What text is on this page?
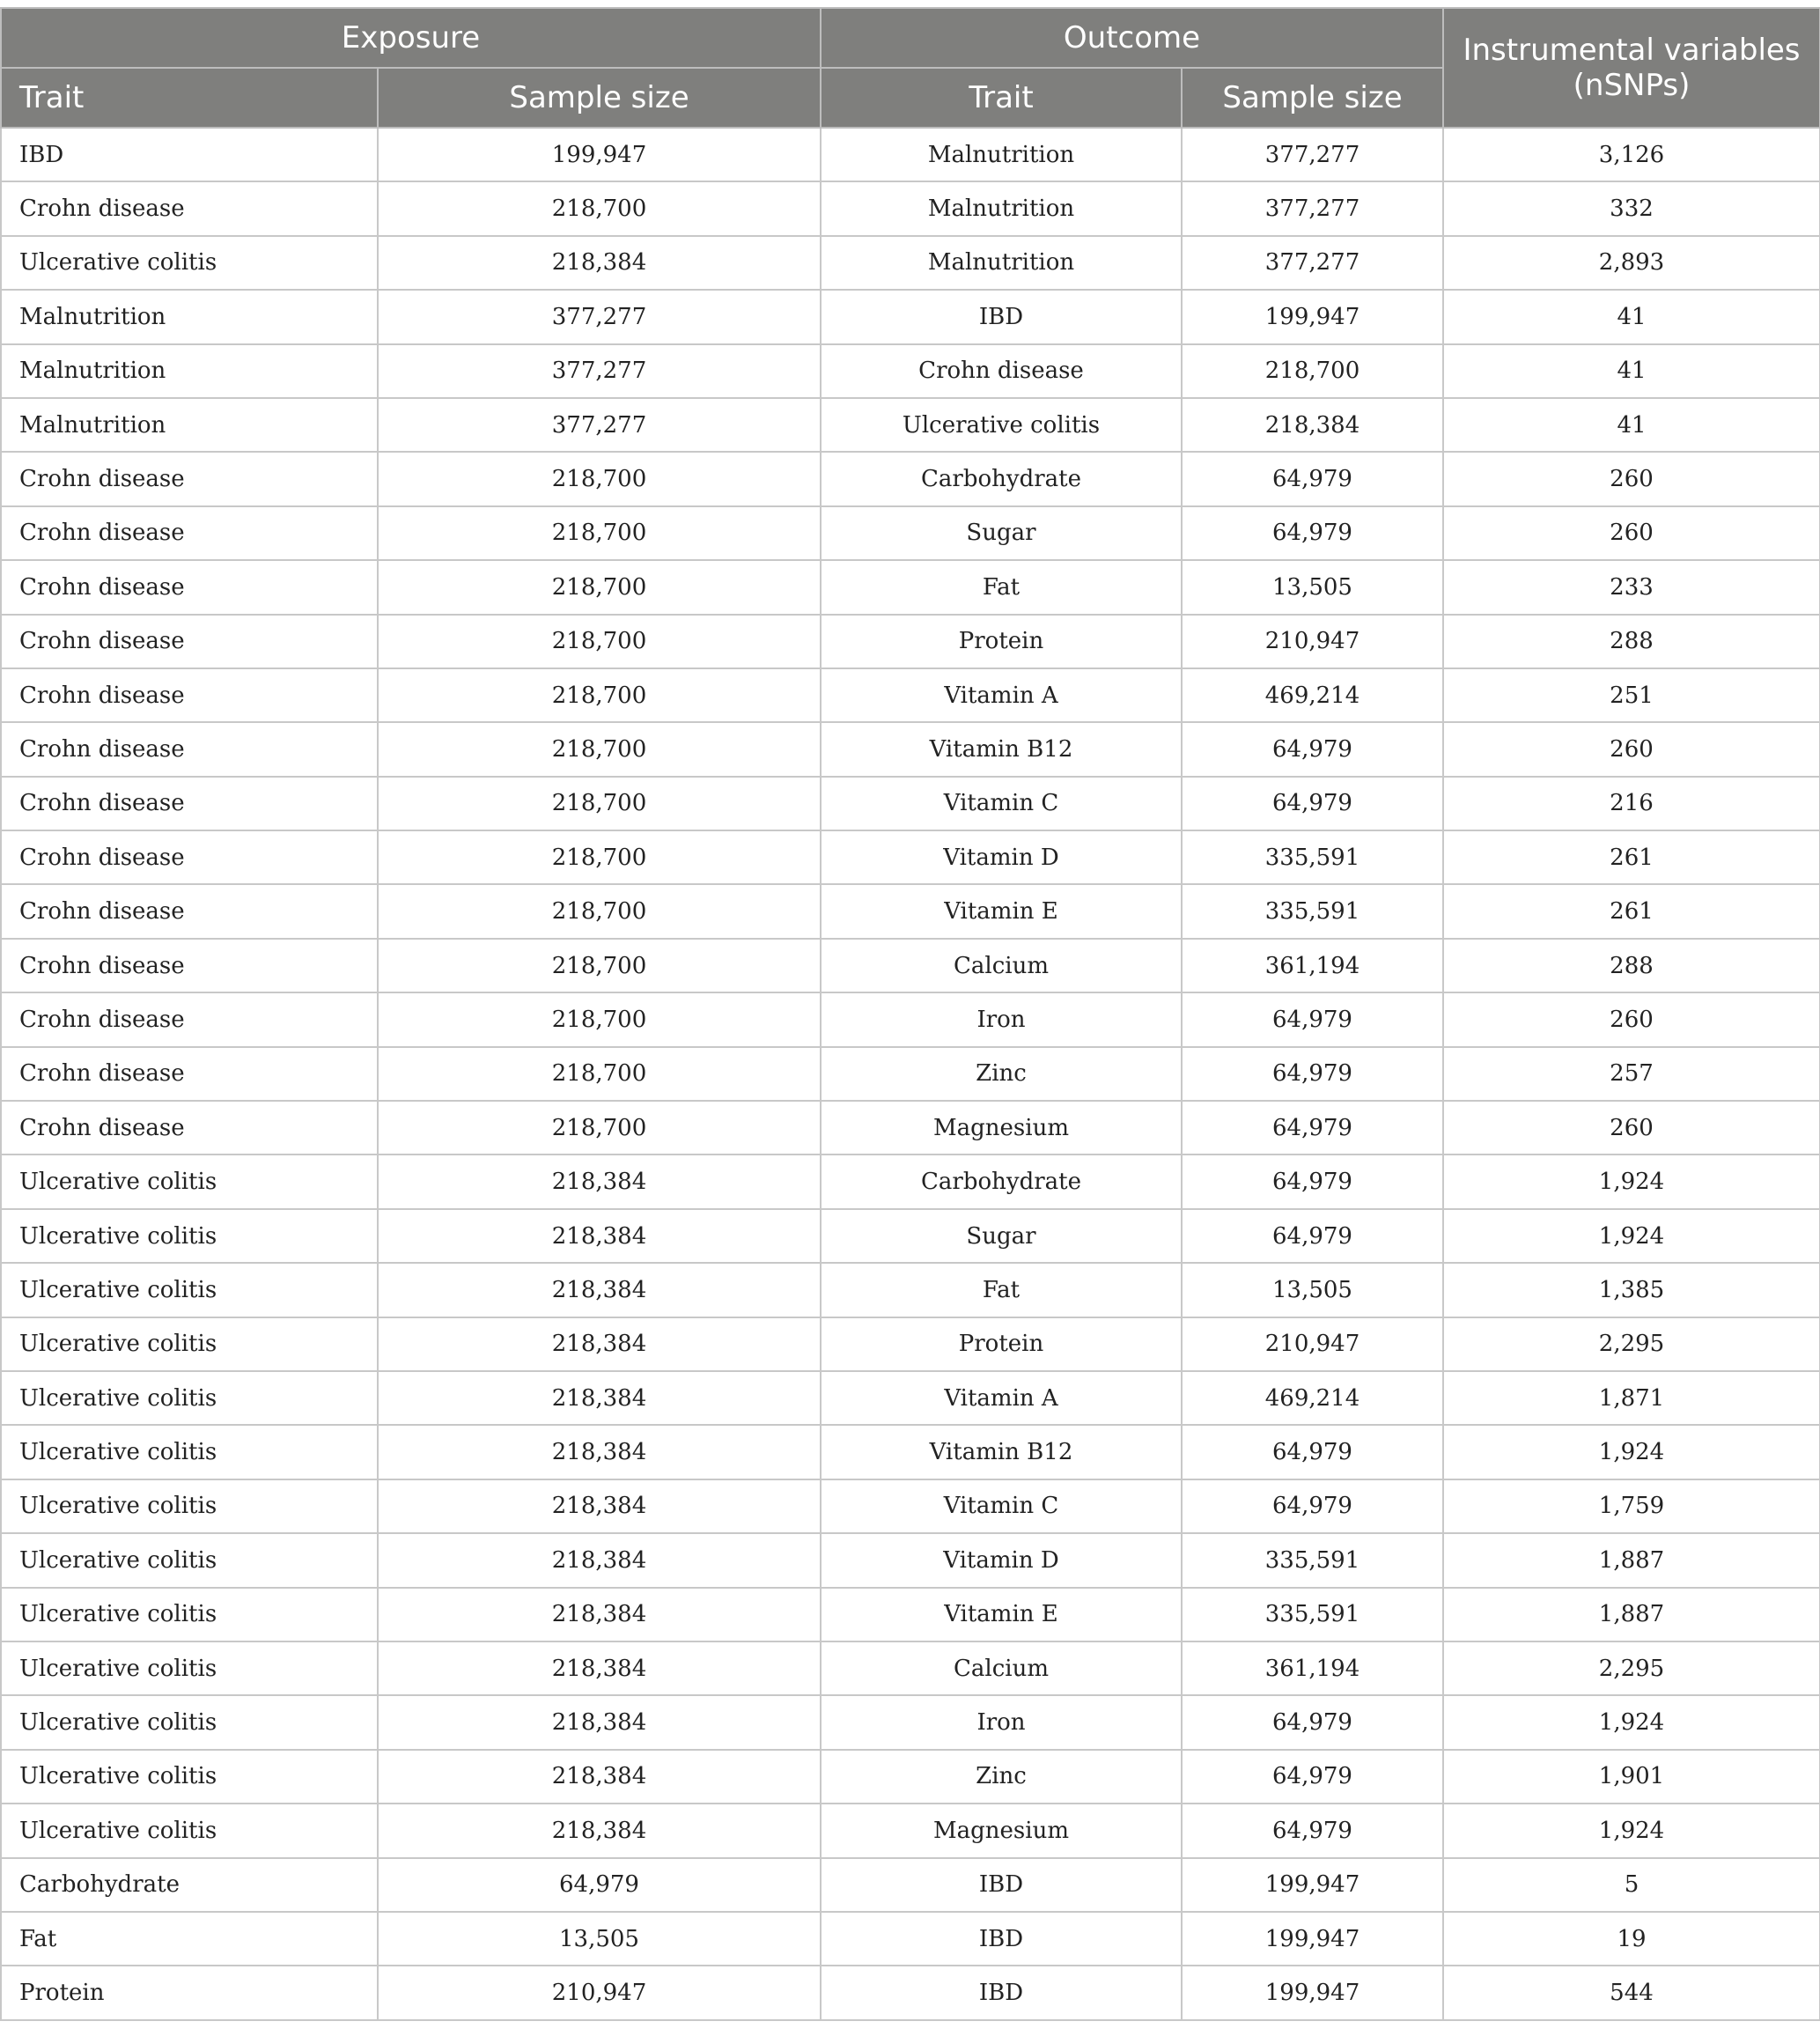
Exposure		Outcome		Instrumental variables (nSNPs)
Trait	Sample size	Trait	Sample size	
IBD	199,947	Malnutrition	377,277	3,126
Crohn disease	218,700	Malnutrition	377,277	332
Ulcerative colitis	218,384	Malnutrition	377,277	2,893
Malnutrition	377,277	IBD	199,947	41
Malnutrition	377,277	Crohn disease	218,700	41
Malnutrition	377,277	Ulcerative colitis	218,384	41
Crohn disease	218,700	Carbohydrate	64,979	260
Crohn disease	218,700	Sugar	64,979	260
Crohn disease	218,700	Fat	13,505	233
Crohn disease	218,700	Protein	210,947	288
Crohn disease	218,700	Vitamin A	469,214	251
Crohn disease	218,700	Vitamin B12	64,979	260
Crohn disease	218,700	Vitamin C	64,979	216
Crohn disease	218,700	Vitamin D	335,591	261
Crohn disease	218,700	Vitamin E	335,591	261
Crohn disease	218,700	Calcium	361,194	288
Crohn disease	218,700	Iron	64,979	260
Crohn disease	218,700	Zinc	64,979	257
Crohn disease	218,700	Magnesium	64,979	260
Ulcerative colitis	218,384	Carbohydrate	64,979	1,924
Ulcerative colitis	218,384	Sugar	64,979	1,924
Ulcerative colitis	218,384	Fat	13,505	1,385
Ulcerative colitis	218,384	Protein	210,947	2,295
Ulcerative colitis	218,384	Vitamin A	469,214	1,871
Ulcerative colitis	218,384	Vitamin B12	64,979	1,924
Ulcerative colitis	218,384	Vitamin C	64,979	1,759
Ulcerative colitis	218,384	Vitamin D	335,591	1,887
Ulcerative colitis	218,384	Vitamin E	335,591	1,887
Ulcerative colitis	218,384	Calcium	361,194	2,295
Ulcerative colitis	218,384	Iron	64,979	1,924
Ulcerative colitis	218,384	Zinc	64,979	1,901
Ulcerative colitis	218,384	Magnesium	64,979	1,924
Carbohydrate	64,979	IBD	199,947	5
Fat	13,505	IBD	199,947	19
Protein	210,947	IBD	199,947	544
